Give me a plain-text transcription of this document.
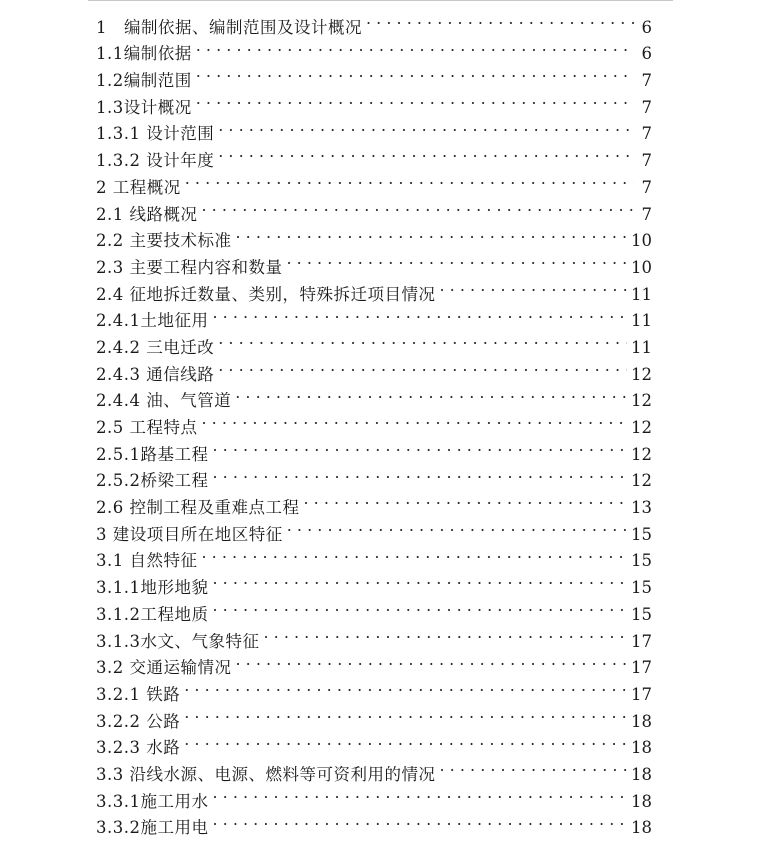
1　编制依据、编制范围及设计概况 . . .	6
1.1编制依据 . . .	6
1.2编制范围 . . .	7
1.3设计概况 . . .	7
1.3.1 设计范围 . . .	7
1.3.2 设计年度 . . .	7
2 工程概况 . . .	7
2.1 线路概况 . . .	7
2.2 主要技术标准 . . .	10
2.3 主要工程内容和数量 . . .	10
2.4 征地拆迁数量、类别，特殊拆迁项目情况 . . .	11
2.4.1土地征用 . . .	11
2.4.2 三电迁改 . . .	11
2.4.3 通信线路 . . .	12
2.4.4 油、气管道 . . .	12
2.5 工程特点 . . .	12
2.5.1路基工程 . . .	12
2.5.2桥梁工程 . . .	12
2.6 控制工程及重难点工程 . . .	13
3 建设项目所在地区特征 . . .	15
3.1 自然特征 . . .	15
3.1.1地形地貌 . . .	15
3.1.2工程地质 . . .	15
3.1.3水文、气象特征 . . .	17
3.2 交通运输情况 . . .	17
3.2.1 铁路 . . .	17
3.2.2 公路 . . .	18
3.2.3 水路 . . .	18
3.3 沿线水源、电源、燃料等可资利用的情况 . . .	18
3.3.1施工用水 . . .	18
3.3.2施工用电 . . .	18
